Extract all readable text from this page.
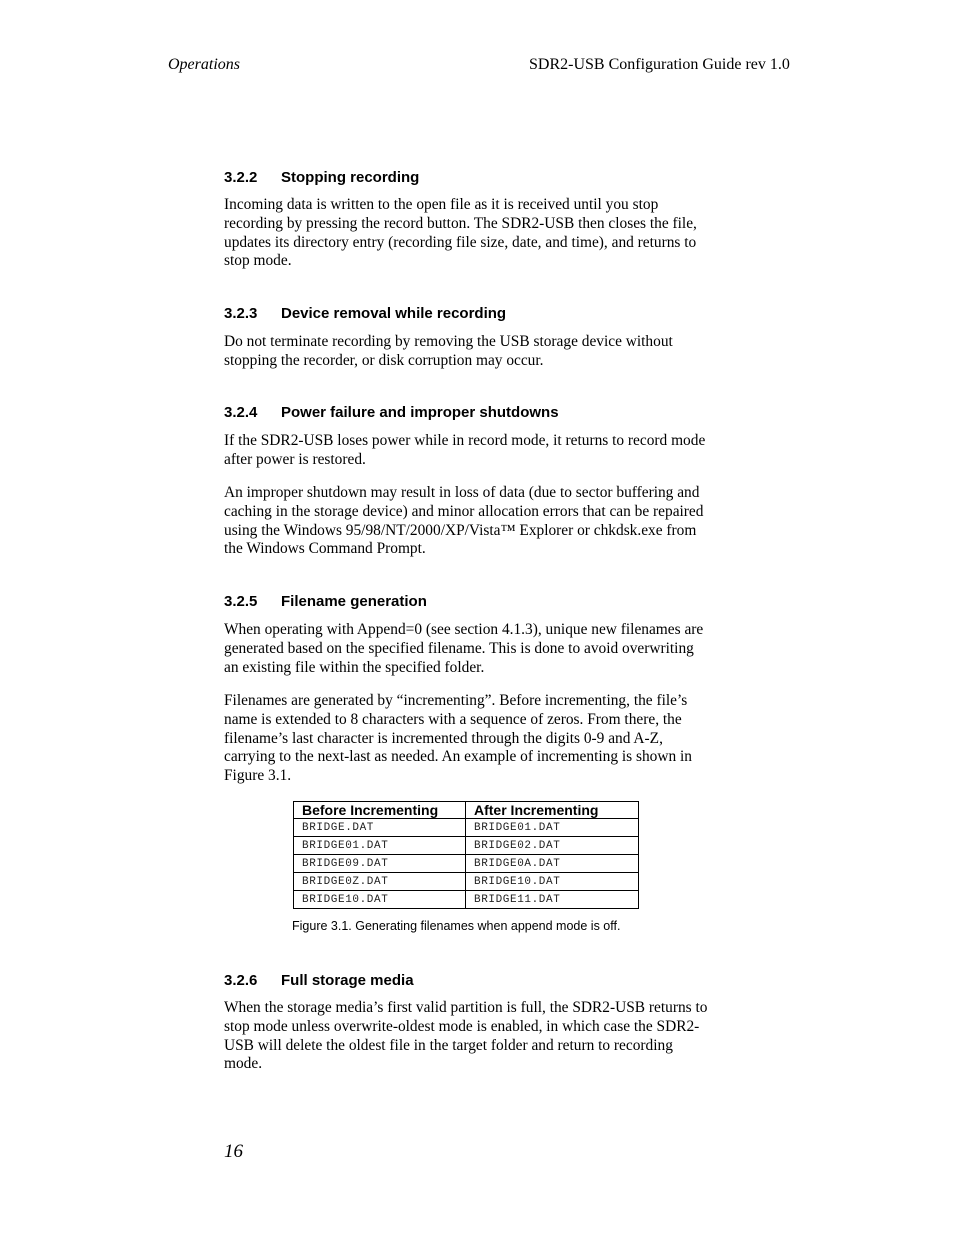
Operations	SDR2-USB Configuration Guide rev 1.0
3.2.2 Stopping recording

Incoming data is written to the open file as it is received until you stop recording by pressing the record button. The SDR2-USB then closes the file, updates its directory entry (recording file size, date, and time), and returns to stop mode.

3.2.3 Device removal while recording

Do not terminate recording by removing the USB storage device without stopping the recorder, or disk corruption may occur.

3.2.4 Power failure and improper shutdowns

If the SDR2-USB loses power while in record mode, it returns to record mode after power is restored.

An improper shutdown may result in loss of data (due to sector buffering and caching in the storage device) and minor allocation errors that can be repaired using the Windows 95/98/NT/2000/XP/Vista™ Explorer or chkdsk.exe from the Windows Command Prompt.

3.2.5 Filename generation

When operating with Append=0 (see section 4.1.3), unique new filenames are generated based on the specified filename. This is done to avoid overwriting an existing file within the specified folder.

Filenames are generated by “incrementing”. Before incrementing, the file’s name is extended to 8 characters with a sequence of zeros. From there, the filename’s last character is incremented through the digits 0-9 and A-Z, carrying to the next-last as needed. An example of incrementing is shown in Figure 3.1.

Before Incrementing	After Incrementing
BRIDGE.DAT	BRIDGE01.DAT
BRIDGE01.DAT	BRIDGE02.DAT
BRIDGE09.DAT	BRIDGE0A.DAT
BRIDGE0Z.DAT	BRIDGE10.DAT
BRIDGE10.DAT	BRIDGE11.DAT
Figure 3.1. Generating filenames when append mode is off.
3.2.6 Full storage media

When the storage media’s first valid partition is full, the SDR2-USB returns to stop mode unless overwrite-oldest mode is enabled, in which case the SDR2-USB will delete the oldest file in the target folder and return to recording mode.

16
